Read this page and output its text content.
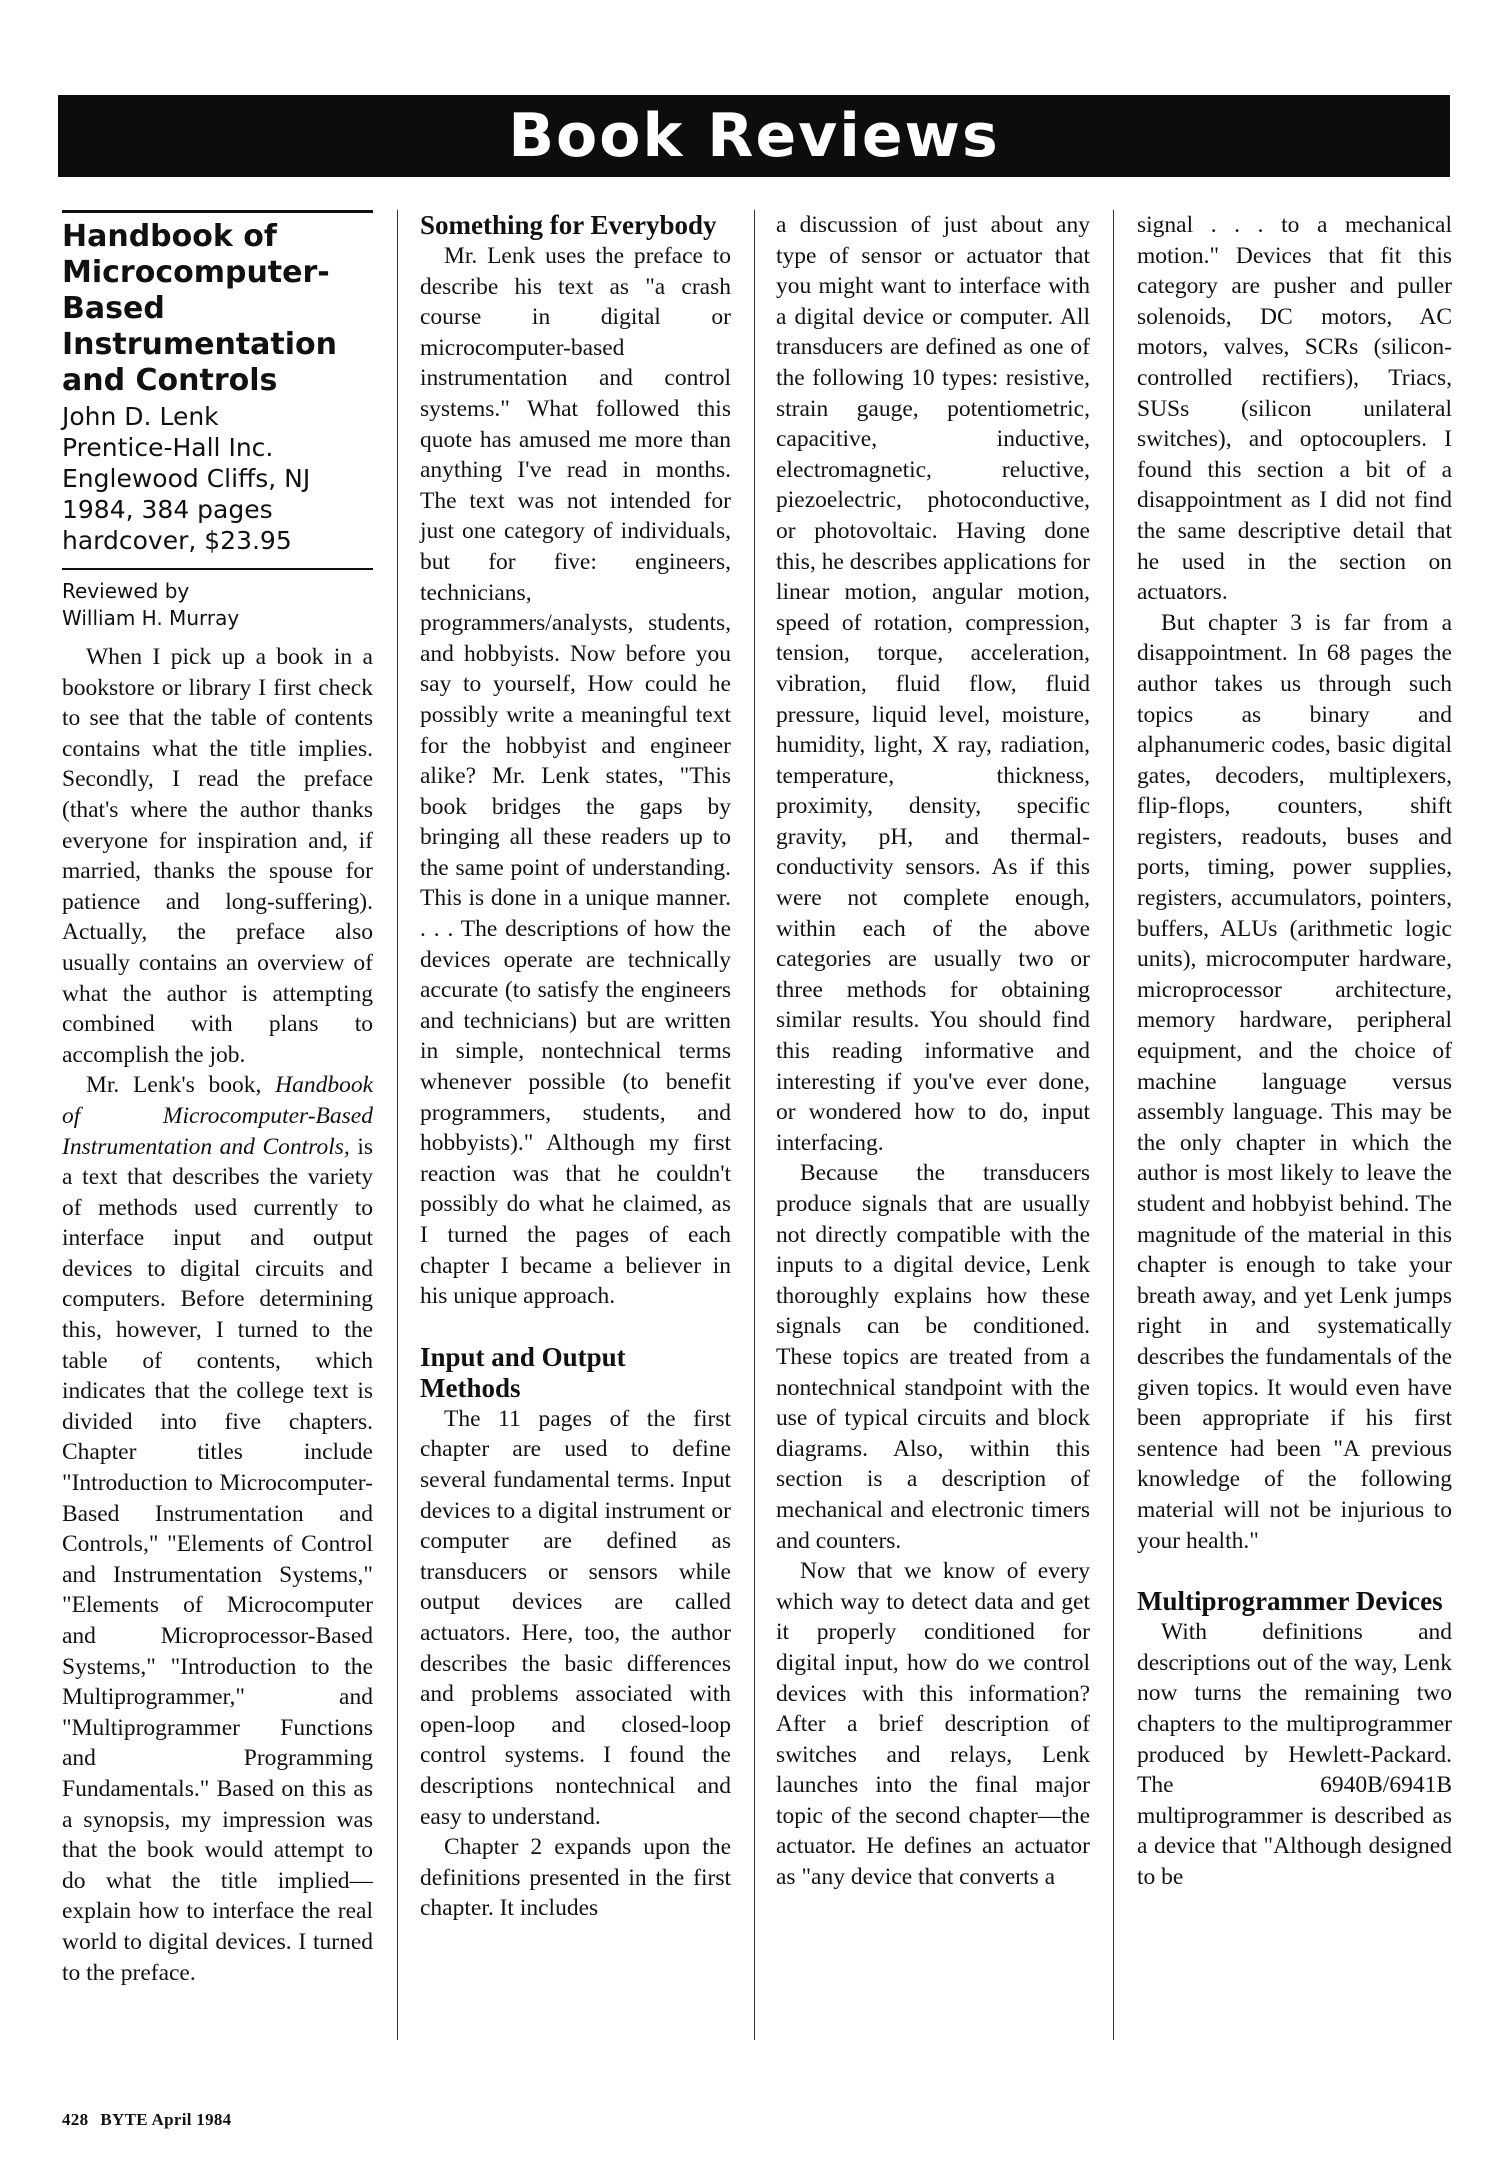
Book Reviews
Handbook of Microcomputer-Based Instrumentation and Controls
John D. Lenk
Prentice-Hall Inc.
Englewood Cliffs, NJ
1984, 384 pages
hardcover, $23.95
Reviewed by
William H. Murray

When I pick up a book in a bookstore or library I first check to see that the table of contents contains what the title implies. Secondly, I read the preface (that's where the author thanks everyone for inspiration and, if married, thanks the spouse for patience and long-suffering). Actually, the preface also usually contains an overview of what the author is attempting combined with plans to accomplish the job.

Mr. Lenk's book, Handbook of Microcomputer-Based Instrumentation and Controls, is a text that describes the variety of methods used currently to interface input and output devices to digital circuits and computers. Before determining this, however, I turned to the table of contents, which indicates that the college text is divided into five chapters. Chapter titles include "Introduction to Microcomputer-Based Instrumentation and Controls," "Elements of Control and Instrumentation Systems," "Elements of Microcomputer and Microprocessor-Based Systems," "Introduction to the Multiprogrammer," and "Multiprogrammer Functions and Programming Fundamentals." Based on this as a synopsis, my impression was that the book would attempt to do what the title implied—explain how to interface the real world to digital devices. I turned to the preface.

Something for Everybody

Mr. Lenk uses the preface to describe his text as "a crash course in digital or microcomputer-based instrumentation and control systems." What followed this quote has amused me more than anything I've read in months. The text was not intended for just one category of individuals, but for five: engineers, technicians, programmers/analysts, students, and hobbyists. Now before you say to yourself, How could he possibly write a meaningful text for the hobbyist and engineer alike? Mr. Lenk states, "This book bridges the gaps by bringing all these readers up to the same point of understanding. This is done in a unique manner. . . . The descriptions of how the devices operate are technically accurate (to satisfy the engineers and technicians) but are written in simple, nontechnical terms whenever possible (to benefit programmers, students, and hobbyists)." Although my first reaction was that he couldn't possibly do what he claimed, as I turned the pages of each chapter I became a believer in his unique approach.

Input and Output Methods

The 11 pages of the first chapter are used to define several fundamental terms. Input devices to a digital instrument or computer are defined as transducers or sensors while output devices are called actuators. Here, too, the author describes the basic differences and problems associated with open-loop and closed-loop control systems. I found the descriptions nontechnical and easy to understand.

Chapter 2 expands upon the definitions presented in the first chapter. It includes

a discussion of just about any type of sensor or actuator that you might want to interface with a digital device or computer. All transducers are defined as one of the following 10 types: resistive, strain gauge, potentiometric, capacitive, inductive, electromagnetic, reluctive, piezoelectric, photoconductive, or photovoltaic. Having done this, he describes applications for linear motion, angular motion, speed of rotation, compression, tension, torque, acceleration, vibration, fluid flow, fluid pressure, liquid level, moisture, humidity, light, X ray, radiation, temperature, thickness, proximity, density, specific gravity, pH, and thermal-conductivity sensors. As if this were not complete enough, within each of the above categories are usually two or three methods for obtaining similar results. You should find this reading informative and interesting if you've ever done, or wondered how to do, input interfacing.

Because the transducers produce signals that are usually not directly compatible with the inputs to a digital device, Lenk thoroughly explains how these signals can be conditioned. These topics are treated from a nontechnical standpoint with the use of typical circuits and block diagrams. Also, within this section is a description of mechanical and electronic timers and counters.

Now that we know of every which way to detect data and get it properly conditioned for digital input, how do we control devices with this information? After a brief description of switches and relays, Lenk launches into the final major topic of the second chapter—the actuator. He defines an actuator as "any device that converts a

signal . . . to a mechanical motion." Devices that fit this category are pusher and puller solenoids, DC motors, AC motors, valves, SCRs (silicon-controlled rectifiers), Triacs, SUSs (silicon unilateral switches), and optocouplers. I found this section a bit of a disappointment as I did not find the same descriptive detail that he used in the section on actuators.

But chapter 3 is far from a disappointment. In 68 pages the author takes us through such topics as binary and alphanumeric codes, basic digital gates, decoders, multiplexers, flip-flops, counters, shift registers, readouts, buses and ports, timing, power supplies, registers, accumulators, pointers, buffers, ALUs (arithmetic logic units), microcomputer hardware, microprocessor architecture, memory hardware, peripheral equipment, and the choice of machine language versus assembly language. This may be the only chapter in which the author is most likely to leave the student and hobbyist behind. The magnitude of the material in this chapter is enough to take your breath away, and yet Lenk jumps right in and systematically describes the fundamentals of the given topics. It would even have been appropriate if his first sentence had been "A previous knowledge of the following material will not be injurious to your health."

Multiprogrammer Devices

With definitions and descriptions out of the way, Lenk now turns the remaining two chapters to the multiprogrammer produced by Hewlett-Packard. The 6940B/6941B multiprogrammer is described as a device that "Although designed to be

428 BYTE April 1984
